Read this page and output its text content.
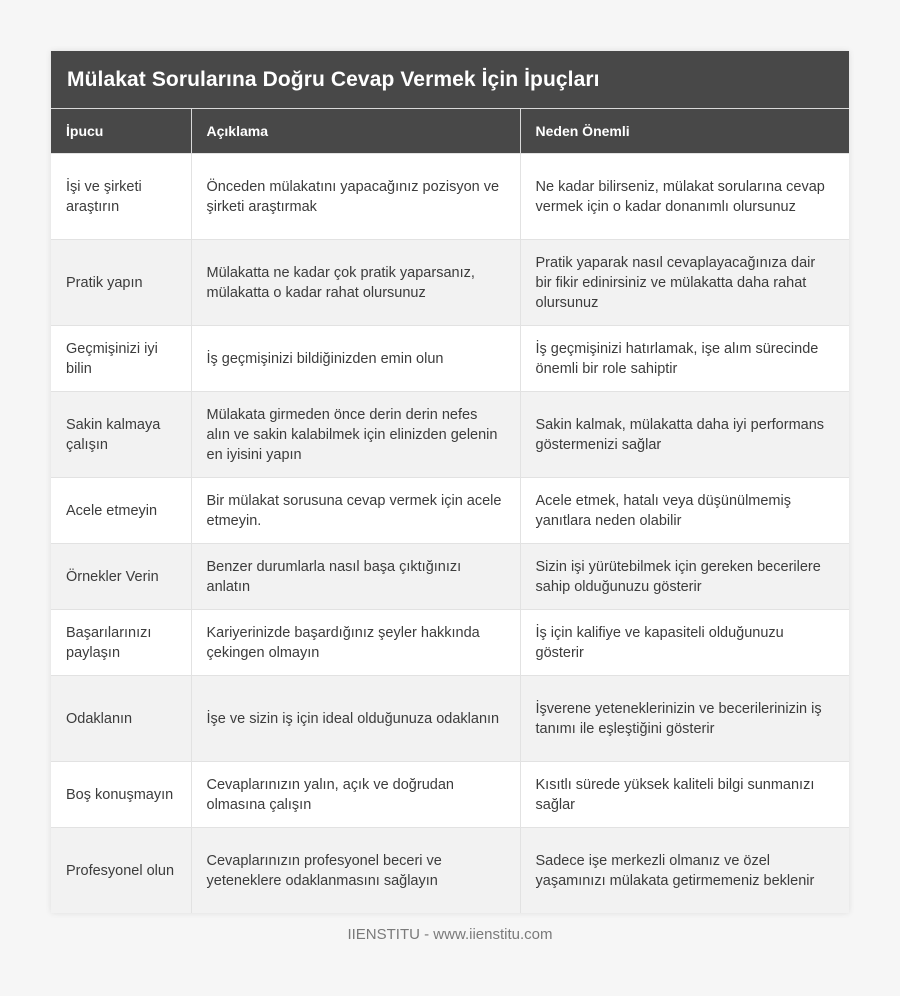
Mülakat Sorularına Doğru Cevap Vermek İçin İpuçları
İpucu	Açıklama	Neden Önemli
İşi ve şirketi araştırın	Önceden mülakatını yapacağınız pozisyon ve şirketi araştırmak	Ne kadar bilirseniz, mülakat sorularına cevap vermek için o kadar donanımlı olursunuz
Pratik yapın	Mülakatta ne kadar çok pratik yaparsanız, mülakatta o kadar rahat olursunuz	Pratik yaparak nasıl cevaplayacağınıza dair bir fikir edinirsiniz ve mülakatta daha rahat olursunuz
Geçmişinizi iyi bilin	İş geçmişinizi bildiğinizden emin olun	İş geçmişinizi hatırlamak, işe alım sürecinde önemli bir role sahiptir
Sakin kalmaya çalışın	Mülakata girmeden önce derin derin nefes alın ve sakin kalabilmek için elinizden gelenin en iyisini yapın	Sakin kalmak, mülakatta daha iyi performans göstermenizi sağlar
Acele etmeyin	Bir mülakat sorusuna cevap vermek için acele etmeyin.	Acele etmek, hatalı veya düşünülmemiş yanıtlara neden olabilir
Örnekler Verin	Benzer durumlarla nasıl başa çıktığınızı anlatın	Sizin işi yürütebilmek için gereken becerilere sahip olduğunuzu gösterir
Başarılarınızı paylaşın	Kariyerinizde başardığınız şeyler hakkında çekingen olmayın	İş için kalifiye ve kapasiteli olduğunuzu gösterir
Odaklanın	İşe ve sizin iş için ideal olduğunuza odaklanın	İşverene yeteneklerinizin ve becerilerinizin iş tanımı ile eşleştiğini gösterir
Boş konuşmayın	Cevaplarınızın yalın, açık ve doğrudan olmasına çalışın	Kısıtlı sürede yüksek kaliteli bilgi sunmanızı sağlar
Profesyonel olun	Cevaplarınızın profesyonel beceri ve yeteneklere odaklanmasını sağlayın	Sadece işe merkezli olmanız ve özel yaşamınızı mülakata getirmemeniz beklenir
IIENSTITU - www.iienstitu.com
